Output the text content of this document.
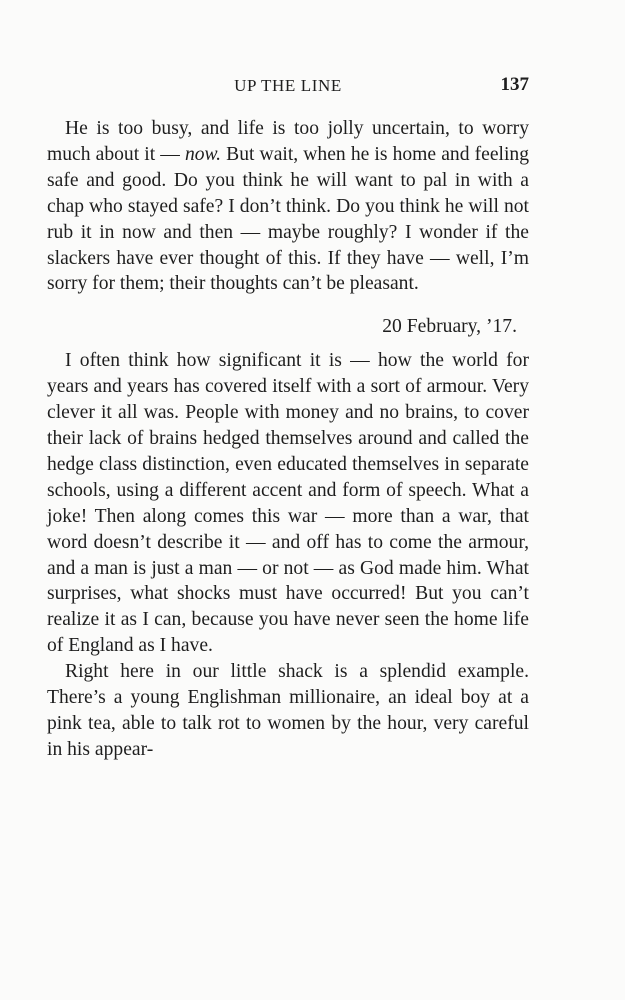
UP THE LINE	137

He is too busy, and life is too jolly uncertain, to worry much about it — now. But wait, when he is home and feeling safe and good. Do you think he will want to pal in with a chap who stayed safe? I don’t think. Do you think he will not rub it in now and then — maybe roughly? I wonder if the slackers have ever thought of this. If they have — well, I’m sorry for them; their thoughts can’t be pleasant.

20 February, ’17.

I often think how significant it is — how the world for years and years has covered itself with a sort of armour. Very clever it all was. People with money and no brains, to cover their lack of brains hedged themselves around and called the hedge class distinction, even educated themselves in separate schools, using a different accent and form of speech. What a joke! Then along comes this war — more than a war, that word doesn’t describe it — and off has to come the armour, and a man is just a man — or not — as God made him. What surprises, what shocks must have occurred! But you can’t realize it as I can, because you have never seen the home life of England as I have.

Right here in our little shack is a splendid example. There’s a young Englishman millionaire, an ideal boy at a pink tea, able to talk rot to women by the hour, very careful in his appear-
